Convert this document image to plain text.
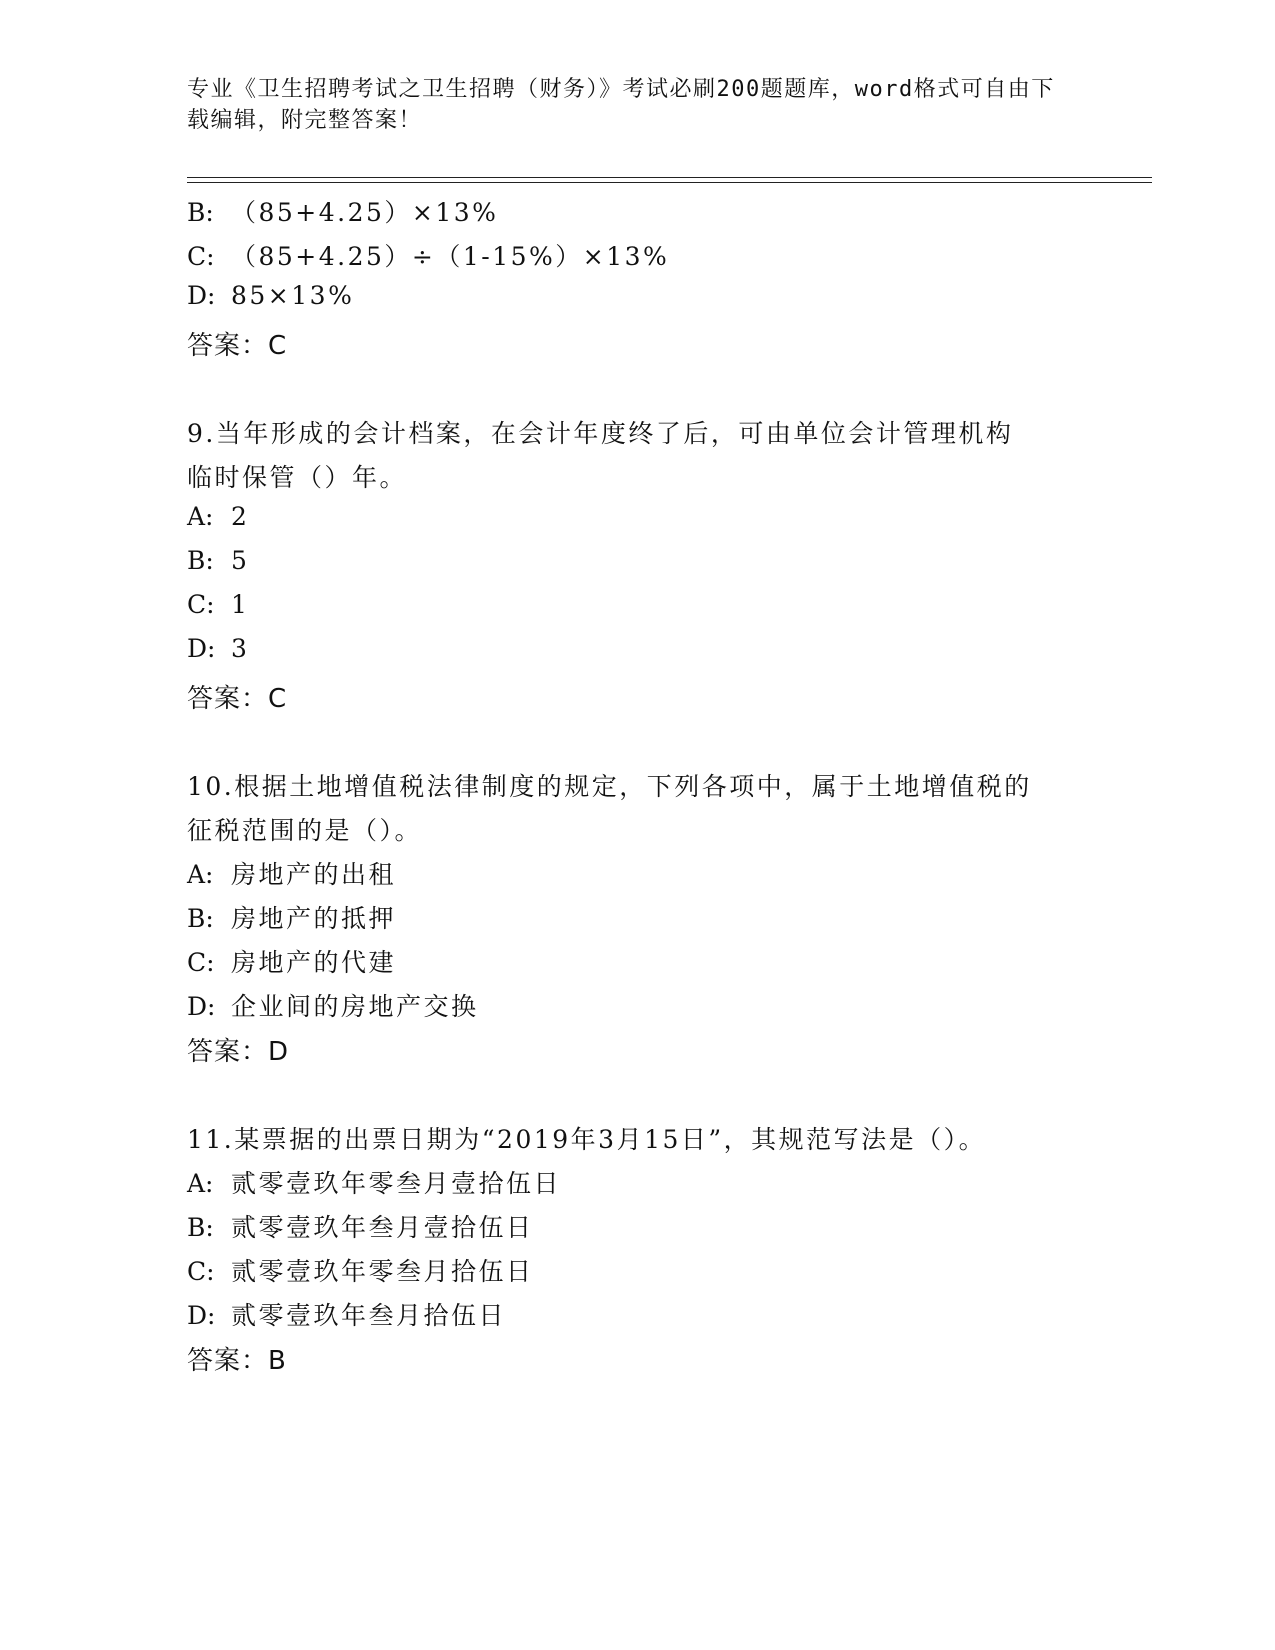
专业《卫生招聘考试之卫生招聘（财务）》考试必刷200题题库，word格式可自由下载编辑，附完整答案！
B: （85+4.25）×13%
C: （85+4.25）÷（1-15%）×13%
D: 85×13%
答案：C
9.当年形成的会计档案，在会计年度终了后，可由单位会计管理机构
临时保管（）年。
A: 2
B: 5
C: 1
D: 3
答案：C
10.根据土地增值税法律制度的规定，下列各项中，属于土地增值税的
征税范围的是（）。
A: 房地产的出租
B: 房地产的抵押
C: 房地产的代建
D: 企业间的房地产交换
答案：D
11.某票据的出票日期为“2019年3月15日”，其规范写法是（）。
A: 贰零壹玖年零叁月壹拾伍日
B: 贰零壹玖年叁月壹拾伍日
C: 贰零壹玖年零叁月拾伍日
D: 贰零壹玖年叁月拾伍日
答案：B
